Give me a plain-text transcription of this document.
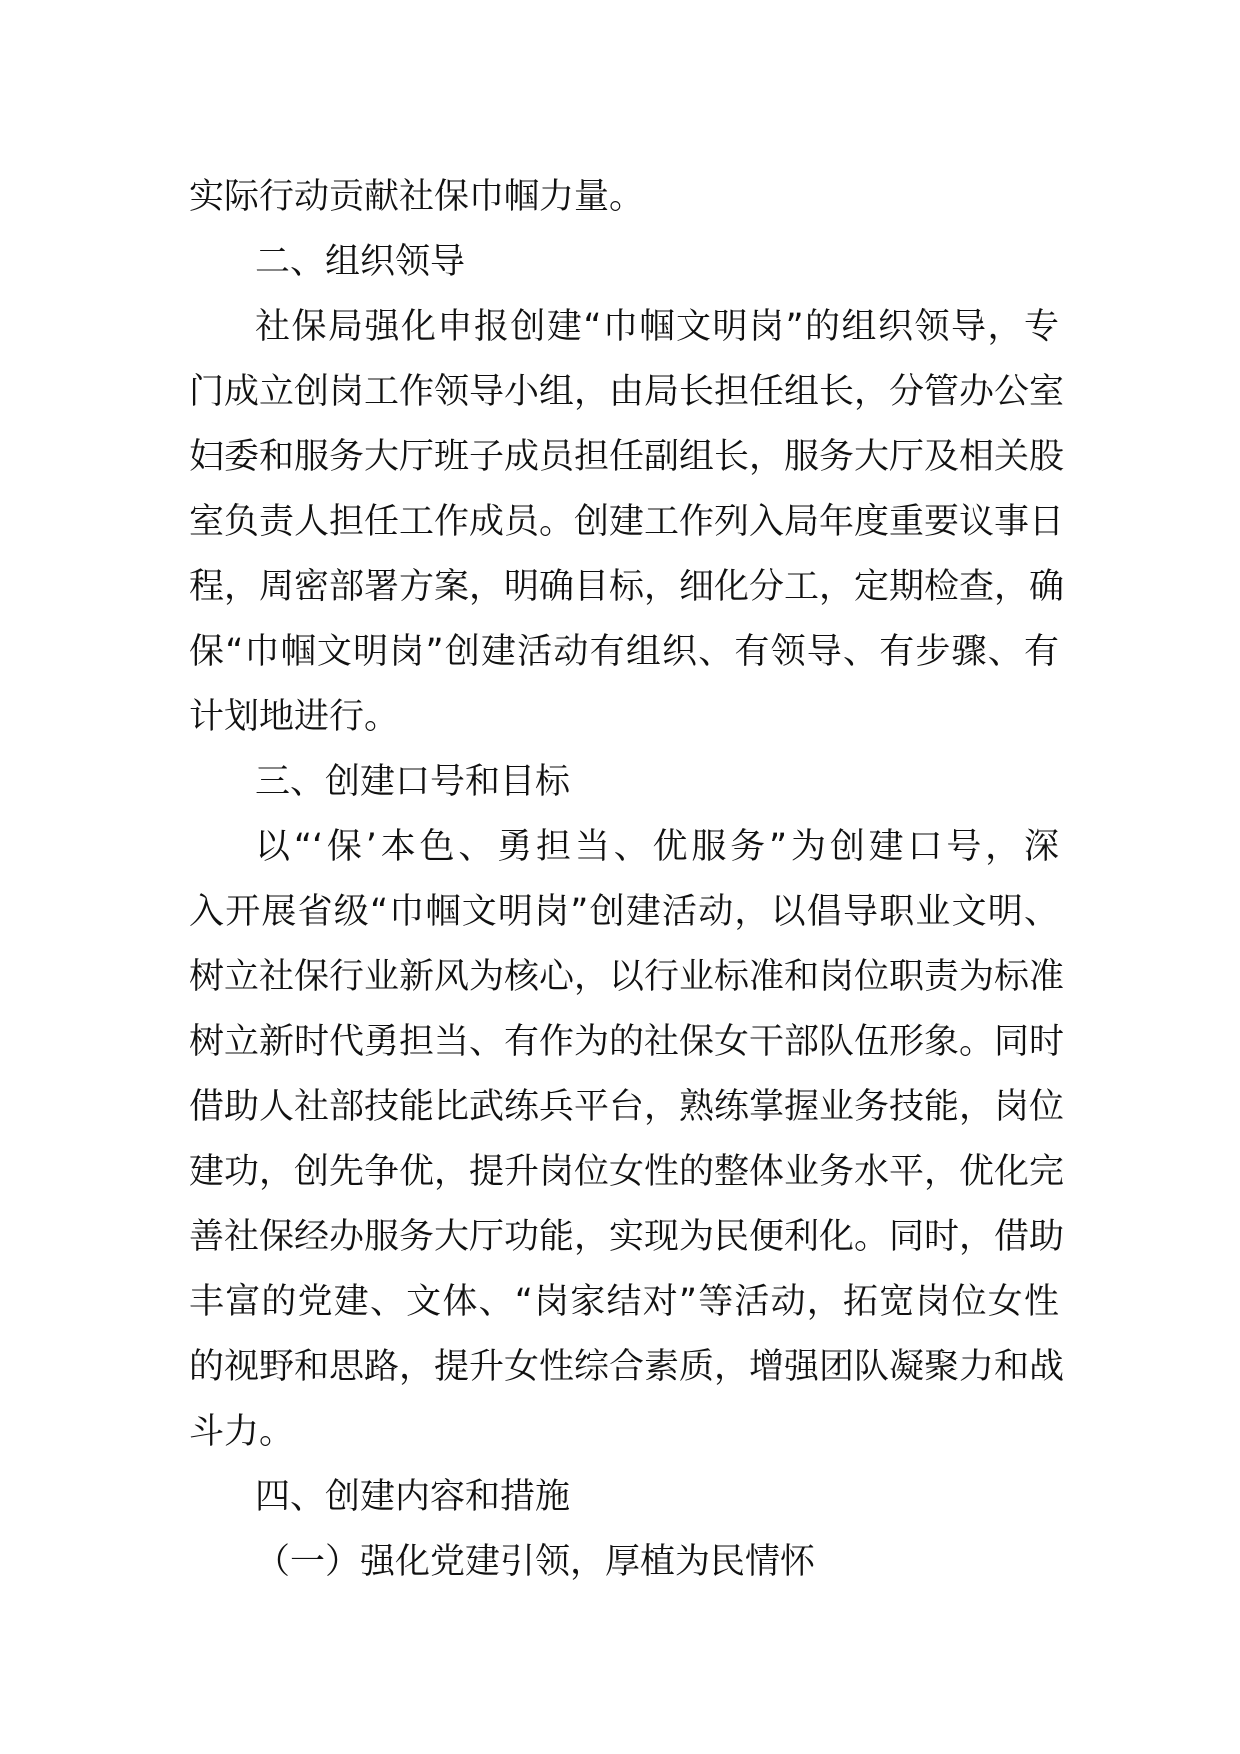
实际行动贡献社保巾帼力量。
二、组织领导
社保局强化申报创建“巾帼文明岗”的组织领导，专
门成立创岗工作领导小组，由局长担任组长，分管办公室
妇委和服务大厅班子成员担任副组长，服务大厅及相关股
室负责人担任工作成员。创建工作列入局年度重要议事日
程，周密部署方案，明确目标，细化分工，定期检查，确
保“巾帼文明岗”创建活动有组织、有领导、有步骤、有
计划地进行。
三、创建口号和目标
以“‘保’本色、勇担当、优服务”为创建口号，深
入开展省级“巾帼文明岗”创建活动，以倡导职业文明、
树立社保行业新风为核心，以行业标准和岗位职责为标准
树立新时代勇担当、有作为的社保女干部队伍形象。同时
借助人社部技能比武练兵平台，熟练掌握业务技能，岗位
建功，创先争优，提升岗位女性的整体业务水平，优化完
善社保经办服务大厅功能，实现为民便利化。同时，借助
丰富的党建、文体、“岗家结对”等活动，拓宽岗位女性
的视野和思路，提升女性综合素质，增强团队凝聚力和战
斗力。
四、创建内容和措施
（一）强化党建引领，厚植为民情怀
